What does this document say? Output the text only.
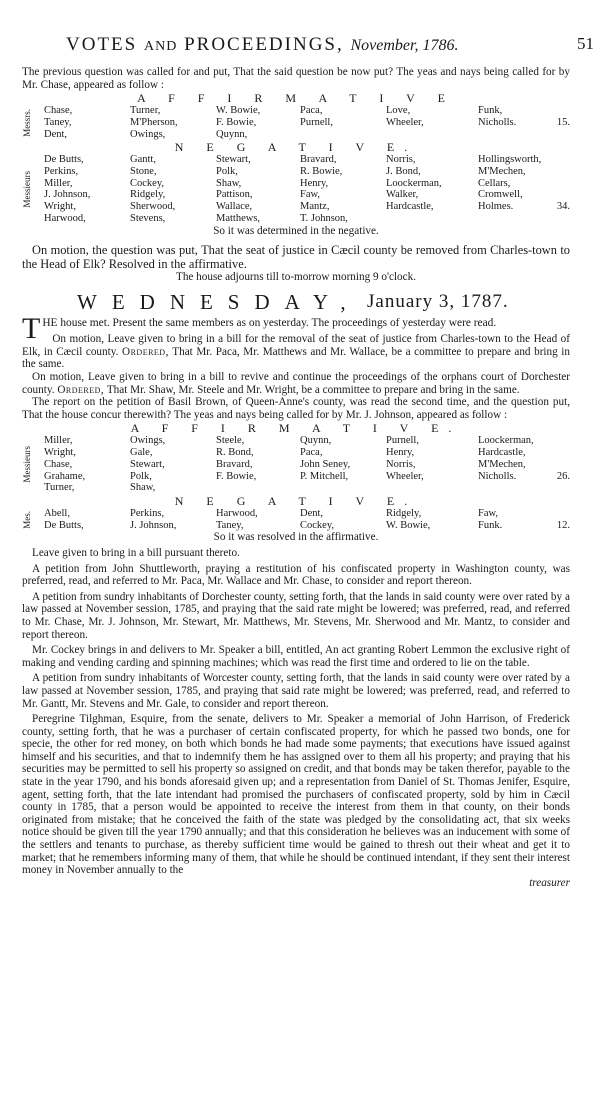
VOTES AND PROCEEDINGS, November, 1786.	51

The previous question was called for and put, That the said question be now put? The yeas and nays being called for by Mr. Chase, appeared as follow :

A F F I R M A T I V E
Messrs.	Chase,	Turner,	W. Bowie,	Paca,	Love,	Funk,
Taney,	M'Pherson,	F. Bowie,	Purnell,	Wheeler,	Nicholls.	15.
Dent,	Owings,	Quynn,
N E G A T I V E.
Messieurs
De Butts,	Gantt,	Stewart,	Bravard,	Norris,	Hollingsworth,
Perkins,	Stone,	Polk,	R. Bowie,	J. Bond,	M'Mechen,
Miller,	Cockey,	Shaw,	Henry,	Loockerman,	Cellars,
J. Johnson,	Ridgely,	Pattison,	Faw,	Walker,	Cromwell,
Wright,	Sherwood,	Wallace,	Mantz,	Hardcastle,	Holmes.	34.
Harwood,	Stevens,	Matthews,	T. Johnson,
So it was determined in the negative.

On motion, the question was put, That the seat of justice in Cæcil county be removed from Charles-town to the Head of Elk? Resolved in the affirmative.

The house adjourns till to-morrow morning 9 o'clock.
WEDNESDAY, January 3, 1787.

THE house met. Present the same members as on yesterday. The proceedings of yesterday were read.

On motion, Leave given to bring in a bill for the removal of the seat of justice from Charles-town to the Head of Elk, in Cæcil county. Ordered, That Mr. Paca, Mr. Matthews and Mr. Wallace, be a committee to prepare and bring in the same.

On motion, Leave given to bring in a bill to revive and continue the proceedings of the orphans court of Dorchester county. Ordered, That Mr. Shaw, Mr. Steele and Mr. Wright, be a committee to prepare and bring in the same.

The report on the petition of Basil Brown, of Queen-Anne's county, was read the second time, and the question put, That the house concur therewith? The yeas and nays being called for by Mr. J. Johnson, appeared as follow :

A F F I R M A T I V E.
Messieurs
Miller,	Owings,	Steele,	Quynn,	Purnell,	Loockerman,
Wright,	Gale,	R. Bond,	Paca,	Henry,	Hardcastle,
Chase,	Stewart,	Bravard,	John Seney,	Norris,	M'Mechen,
Grahame,	Polk,	F. Bowie,	P. Mitchell,	Wheeler,	Nicholls.	26.
Turner,	Shaw,
N E G A T I V E.
Mes.	Abell,	Perkins,	Harwood,	Dent,	Ridgely,	Faw,
De Butts,	J. Johnson,	Taney,	Cockey,	W. Bowie,	Funk.	12.
So it was resolved in the affirmative.

Leave given to bring in a bill pursuant thereto.

A petition from John Shuttleworth, praying a restitution of his confiscated property in Washington county, was preferred, read, and referred to Mr. Paca, Mr. Wallace and Mr. Chase, to consider and report thereon.

A petition from sundry inhabitants of Dorchester county, setting forth, that the lands in said county were over rated by a law passed at November session, 1785, and praying that the said rate might be lowered; was preferred, read, and referred to Mr. Chase, Mr. J. Johnson, Mr. Stewart, Mr. Matthews, Mr. Stevens, Mr. Sherwood and Mr. Mantz, to consider and report thereon.

Mr. Cockey brings in and delivers to Mr. Speaker a bill, entitled, An act granting Robert Lemmon the exclusive right of making and vending carding and spinning machines; which was read the first time and ordered to lie on the table.

A petition from sundry inhabitants of Worcester county, setting forth, that the lands in said county were over rated by a law passed at November session, 1785, and praying that said rate might be lowered; was preferred, read, and referred to Mr. Gantt, Mr. Stevens and Mr. Gale, to consider and report thereon.

Peregrine Tilghman, Esquire, from the senate, delivers to Mr. Speaker a memorial of John Harrison, of Frederick county, setting forth, that he was a purchaser of certain confiscated property, for which he passed two bonds, one for specie, the other for red money, on both which bonds he had made some payments; that executions have issued against himself and his securities, and that to indemnify them he has assigned over to them all his property; and praying that his securities may be permitted to sell his property so assigned on credit, and that bonds may be taken therefor, payable to the state in the year 1790, and his bonds aforesaid given up; and a representation from Daniel of St. Thomas Jenifer, Esquire, agent, setting forth, that the late intendant had promised the purchasers of confiscated property, sold by him in Cæcil county in 1785, that a person would be appointed to receive the interest from them in that county, on their bonds originated from mistake; that he conceived the faith of the state was pledged by the consolidating act, that six weeks notice should be given till the year 1790 annually; and that this consideration he believes was an inducement with some of the settlers and tenants to purchase, as thereby sufficient time would be gained to thresh out their wheat and get it to market; that he remembers informing many of them, that while he should be continued intendant, if they sent their interest money in November annually to the

treasurer
